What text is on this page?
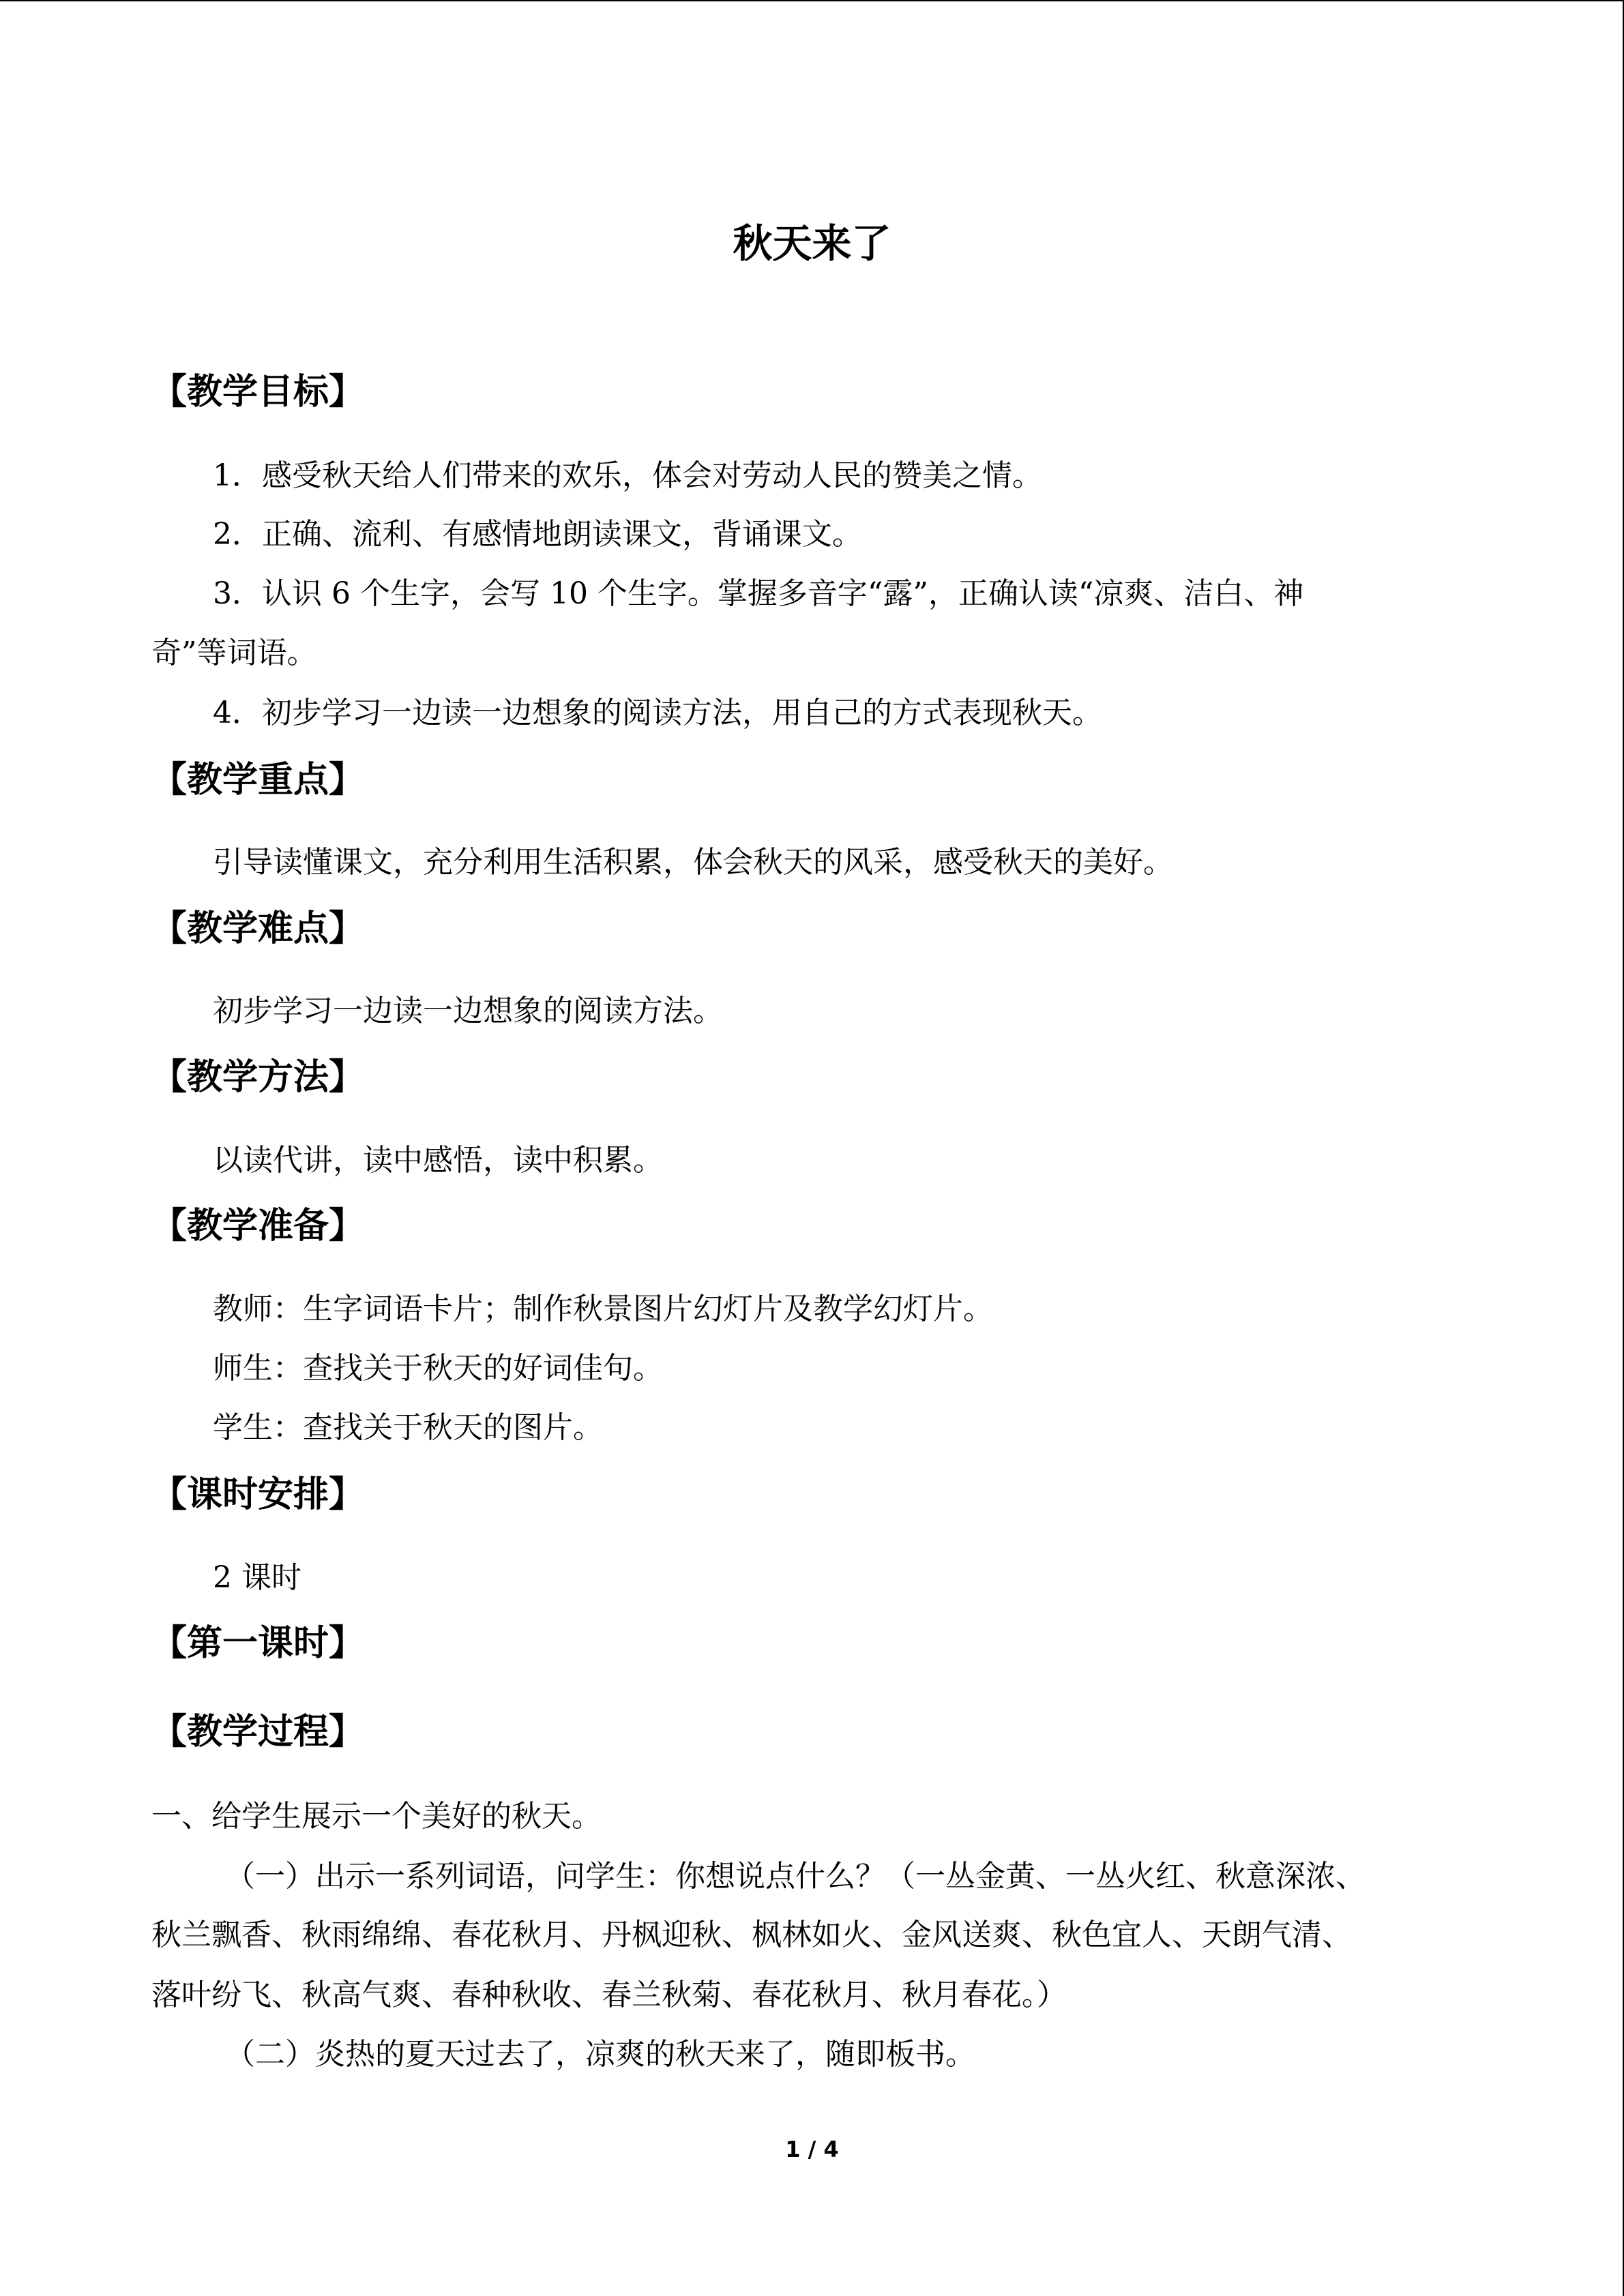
秋天来了
【教学目标】

1．感受秋天给人们带来的欢乐，体会对劳动人民的赞美之情。

2．正确、流利、有感情地朗读课文，背诵课文。

3．认识 6 个生字，会写 10 个生字。掌握多音字“露”，正确认读“凉爽、洁白、神

奇”等词语。

4．初步学习一边读一边想象的阅读方法，用自己的方式表现秋天。

【教学重点】

引导读懂课文，充分利用生活积累，体会秋天的风采，感受秋天的美好。

【教学难点】

初步学习一边读一边想象的阅读方法。

【教学方法】

以读代讲，读中感悟，读中积累。

【教学准备】

教师：生字词语卡片；制作秋景图片幻灯片及教学幻灯片。

师生：查找关于秋天的好词佳句。

学生：查找关于秋天的图片。

【课时安排】

2 课时

【第一课时】
【教学过程】

一、给学生展示一个美好的秋天。

（一）出示一系列词语，问学生：你想说点什么？（一丛金黄、一丛火红、秋意深浓、

秋兰飘香、秋雨绵绵、春花秋月、丹枫迎秋、枫林如火、金风送爽、秋色宜人、天朗气清、

落叶纷飞、秋高气爽、春种秋收、春兰秋菊、春花秋月、秋月春花。）

（二）炎热的夏天过去了，凉爽的秋天来了，随即板书。

1 / 4
